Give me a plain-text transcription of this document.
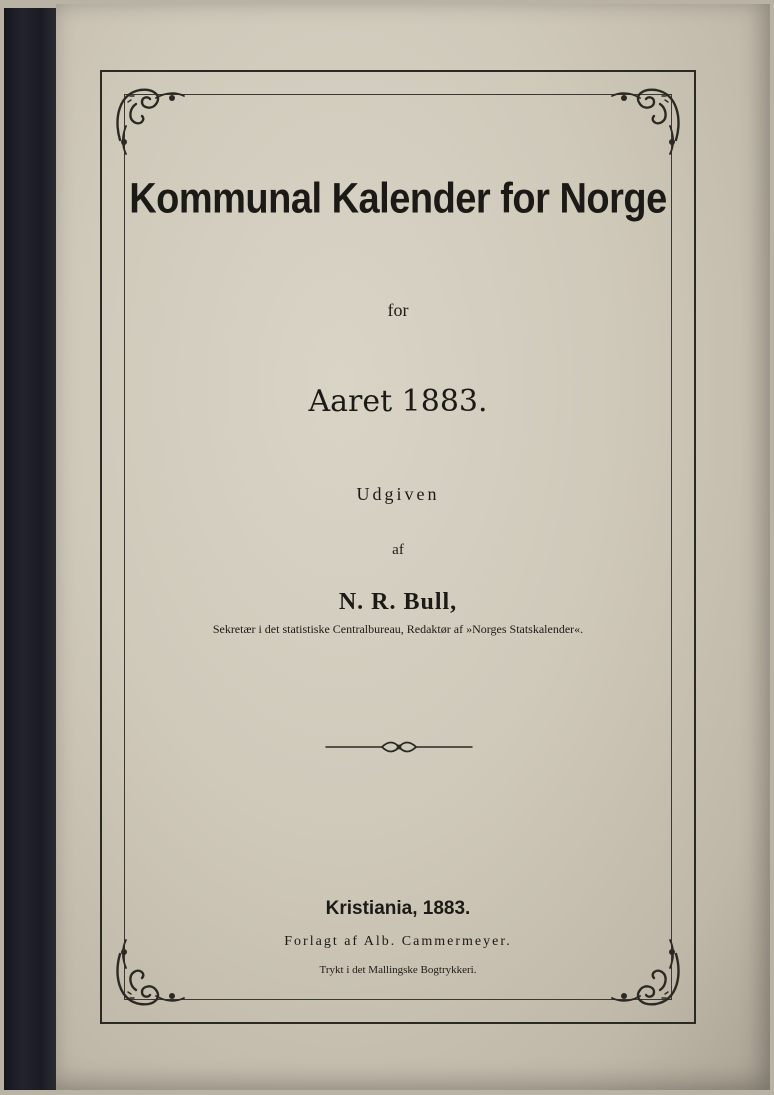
Kommunal Kalender for Norge
for
Aaret 1883.
Udgiven
af
N. R. Bull,
Sekretær i det statistiske Centralbureau, Redaktør af »Norges Statskalender«.
Kristiania, 1883.
Forlagt af Alb. Cammermeyer.
Trykt i det Mallingske Bogtrykkeri.
